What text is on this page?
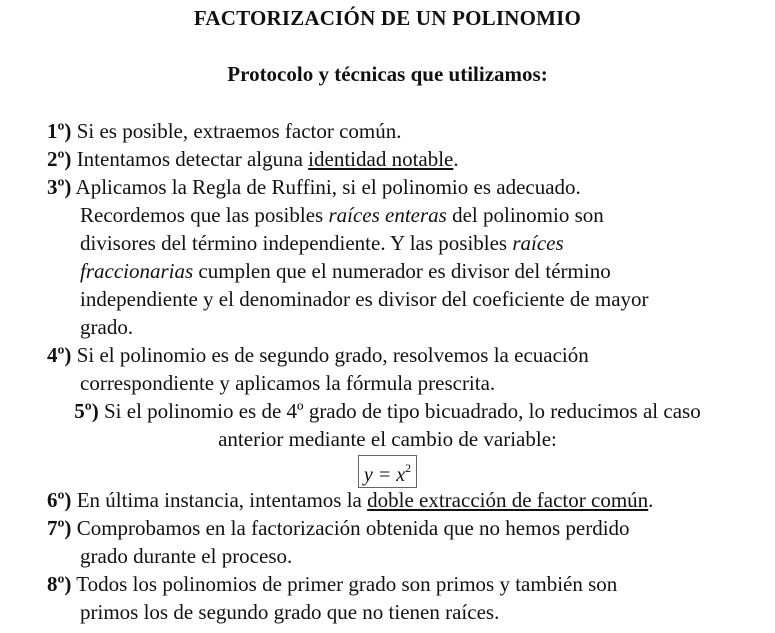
FACTORIZACIÓN DE UN POLINOMIO
Protocolo y técnicas que utilizamos:
1º) Si es posible, extraemos factor común.
2º) Intentamos detectar alguna identidad notable.
3º) Aplicamos la Regla de Ruffini, si el polinomio es adecuado.
Recordemos que las posibles raíces enteras del polinomio son
divisores del término independiente. Y las posibles raíces
fraccionarias cumplen que el numerador es divisor del término
independiente y el denominador es divisor del coeficiente de mayor
grado.
4º) Si el polinomio es de segundo grado, resolvemos la ecuación
correspondiente y aplicamos la fórmula prescrita.
5º) Si el polinomio es de 4º grado de tipo bicuadrado, lo reducimos al caso
anterior mediante el cambio de variable:
$y = x^2$
6º) En última instancia, intentamos la doble extracción de factor común.
7º) Comprobamos en la factorización obtenida que no hemos perdido
grado durante el proceso.
8º) Todos los polinomios de primer grado son primos y también son
primos los de segundo grado que no tienen raíces.
